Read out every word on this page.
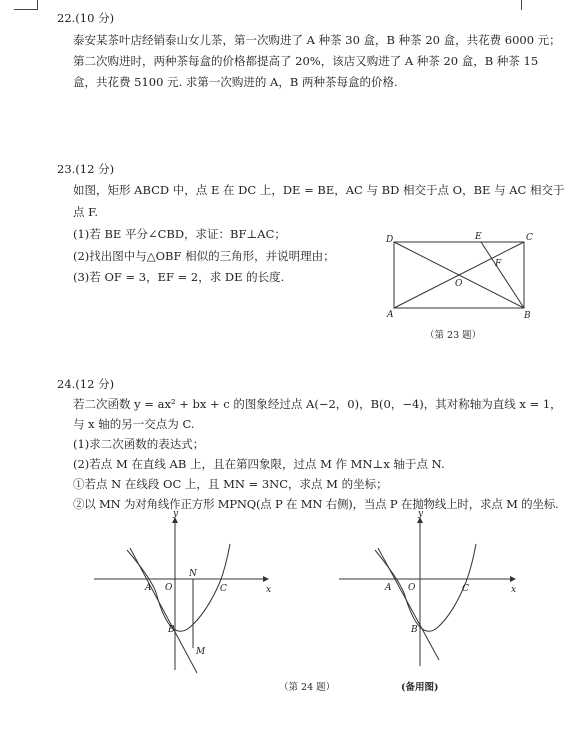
22.(10 分)
泰安某茶叶店经销泰山女儿茶，第一次购进了 A 种茶 30 盒，B 种茶 20 盒，共花费 6000 元；
第二次购进时，两种茶每盒的价格都提高了 20%，该店又购进了 A 种茶 20 盒，B 种茶 15
盒，共花费 5100 元. 求第一次购进的 A，B 两种茶每盒的价格.
23.(12 分)
如图，矩形 ABCD 中，点 E 在 DC 上，DE = BE，AC 与 BD 相交于点 O，BE 与 AC 相交于
点 F.
(1)若 BE 平分∠CBD，求证：BF⊥AC；
(2)找出图中与△OBF 相似的三角形，并说明理由；
(3)若 OF = 3，EF = 2，求 DE 的长度.
D	E	C
F
O
A	B
（第 23 题）
24.(12 分)
若二次函数 y = ax² + bx + c 的图象经过点 A(−2，0)，B(0，−4)，其对称轴为直线 x = 1，
与 x 轴的另一交点为 C.
(1)求二次函数的表达式；
(2)若点 M 在直线 AB 上，且在第四象限，过点 M 作 MN⊥x 轴于点 N.
①若点 N 在线段 OC 上，且 MN = 3NC，求点 M 的坐标；
②以 MN 为对角线作正方形 MPNQ(点 P 在 MN 右侧)，当点 P 在抛物线上时，求点 M 的坐标.
y
x
A O
N
C
B
M
（第 24 题）
y
x
A O	C
B
(备用图)
